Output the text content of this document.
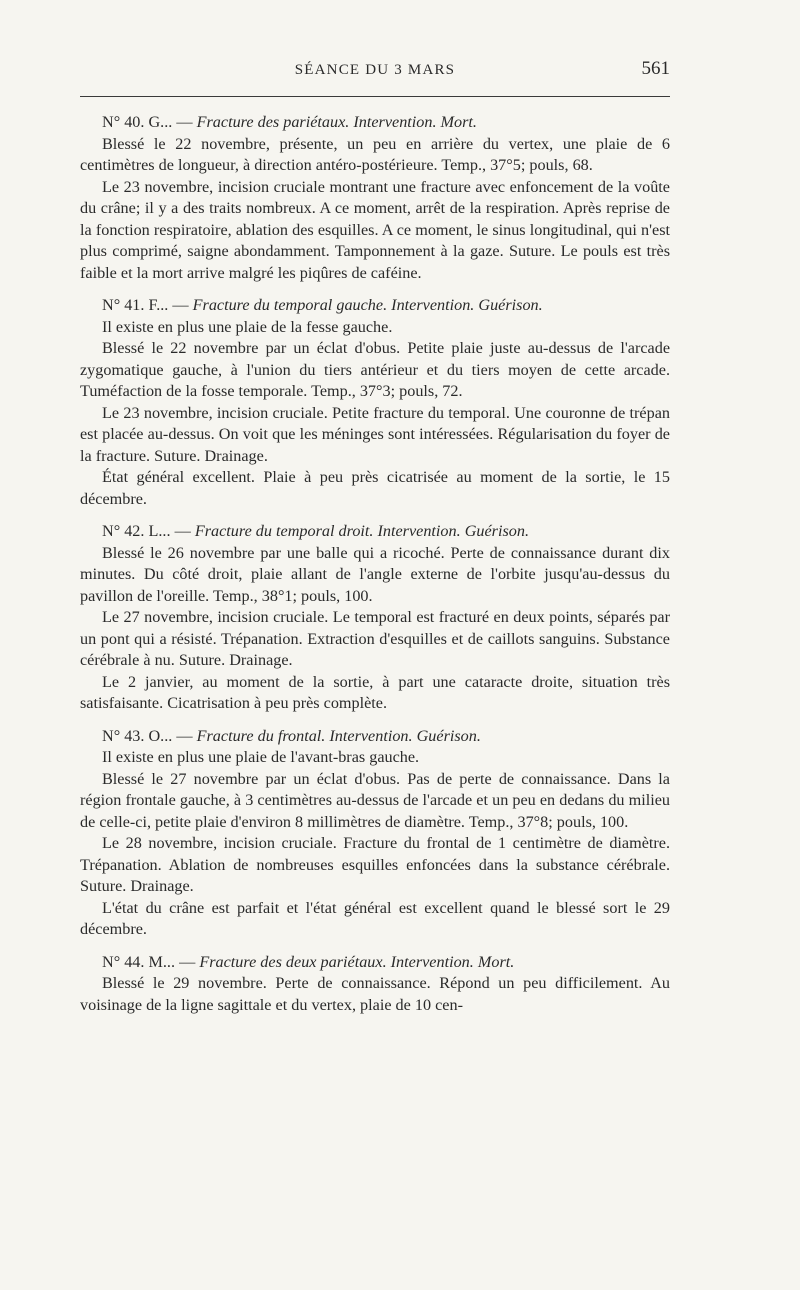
SÉANCE DU 3 MARS	561

N° 40. G... — Fracture des pariétaux. Intervention. Mort.

Blessé le 22 novembre, présente, un peu en arrière du vertex, une plaie de 6 centimètres de longueur, à direction antéro-postérieure. Temp., 37°5; pouls, 68.

Le 23 novembre, incision cruciale montrant une fracture avec enfoncement de la voûte du crâne; il y a des traits nombreux. A ce moment, arrêt de la respiration. Après reprise de la fonction respiratoire, ablation des esquilles. A ce moment, le sinus longitudinal, qui n'est plus comprimé, saigne abondamment. Tamponnement à la gaze. Suture. Le pouls est très faible et la mort arrive malgré les piqûres de caféine.

N° 41. F... — Fracture du temporal gauche. Intervention. Guérison.

Il existe en plus une plaie de la fesse gauche.

Blessé le 22 novembre par un éclat d'obus. Petite plaie juste au-dessus de l'arcade zygomatique gauche, à l'union du tiers antérieur et du tiers moyen de cette arcade. Tuméfaction de la fosse temporale. Temp., 37°3; pouls, 72.

Le 23 novembre, incision cruciale. Petite fracture du temporal. Une couronne de trépan est placée au-dessus. On voit que les méninges sont intéressées. Régularisation du foyer de la fracture. Suture. Drainage.

État général excellent. Plaie à peu près cicatrisée au moment de la sortie, le 15 décembre.

N° 42. L... — Fracture du temporal droit. Intervention. Guérison.

Blessé le 26 novembre par une balle qui a ricoché. Perte de connaissance durant dix minutes. Du côté droit, plaie allant de l'angle externe de l'orbite jusqu'au-dessus du pavillon de l'oreille. Temp., 38°1; pouls, 100.

Le 27 novembre, incision cruciale. Le temporal est fracturé en deux points, séparés par un pont qui a résisté. Trépanation. Extraction d'esquilles et de caillots sanguins. Substance cérébrale à nu. Suture. Drainage.

Le 2 janvier, au moment de la sortie, à part une cataracte droite, situation très satisfaisante. Cicatrisation à peu près complète.

N° 43. O... — Fracture du frontal. Intervention. Guérison.

Il existe en plus une plaie de l'avant-bras gauche.

Blessé le 27 novembre par un éclat d'obus. Pas de perte de connaissance. Dans la région frontale gauche, à 3 centimètres au-dessus de l'arcade et un peu en dedans du milieu de celle-ci, petite plaie d'environ 8 millimètres de diamètre. Temp., 37°8; pouls, 100.

Le 28 novembre, incision cruciale. Fracture du frontal de 1 centimètre de diamètre. Trépanation. Ablation de nombreuses esquilles enfoncées dans la substance cérébrale. Suture. Drainage.

L'état du crâne est parfait et l'état général est excellent quand le blessé sort le 29 décembre.

N° 44. M... — Fracture des deux pariétaux. Intervention. Mort.

Blessé le 29 novembre. Perte de connaissance. Répond un peu difficilement. Au voisinage de la ligne sagittale et du vertex, plaie de 10 cen-
